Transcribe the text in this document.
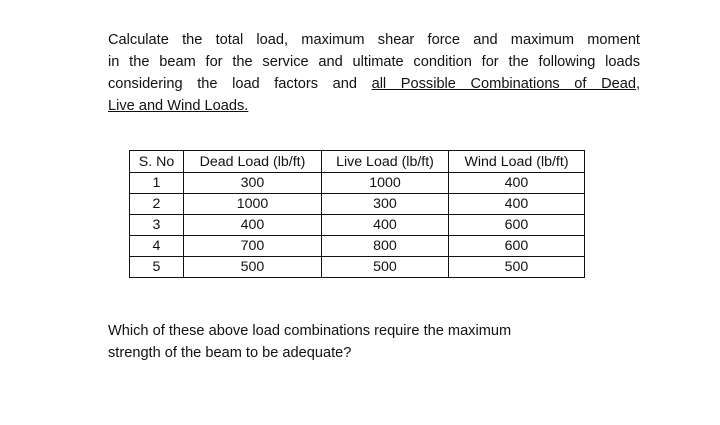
Calculate the total load, maximum shear force and maximum moment
in the beam for the service and ultimate condition for the following loads
considering the load factors and all Possible Combinations of Dead,
Live and Wind Loads.
S. No	Dead Load (lb/ft)	Live Load (lb/ft)	Wind Load (lb/ft)
1	300	1000	400
2	1000	300	400
3	400	400	600
4	700	800	600
5	500	500	500
Which of these above load combinations require the maximum
strength of the beam to be adequate?
